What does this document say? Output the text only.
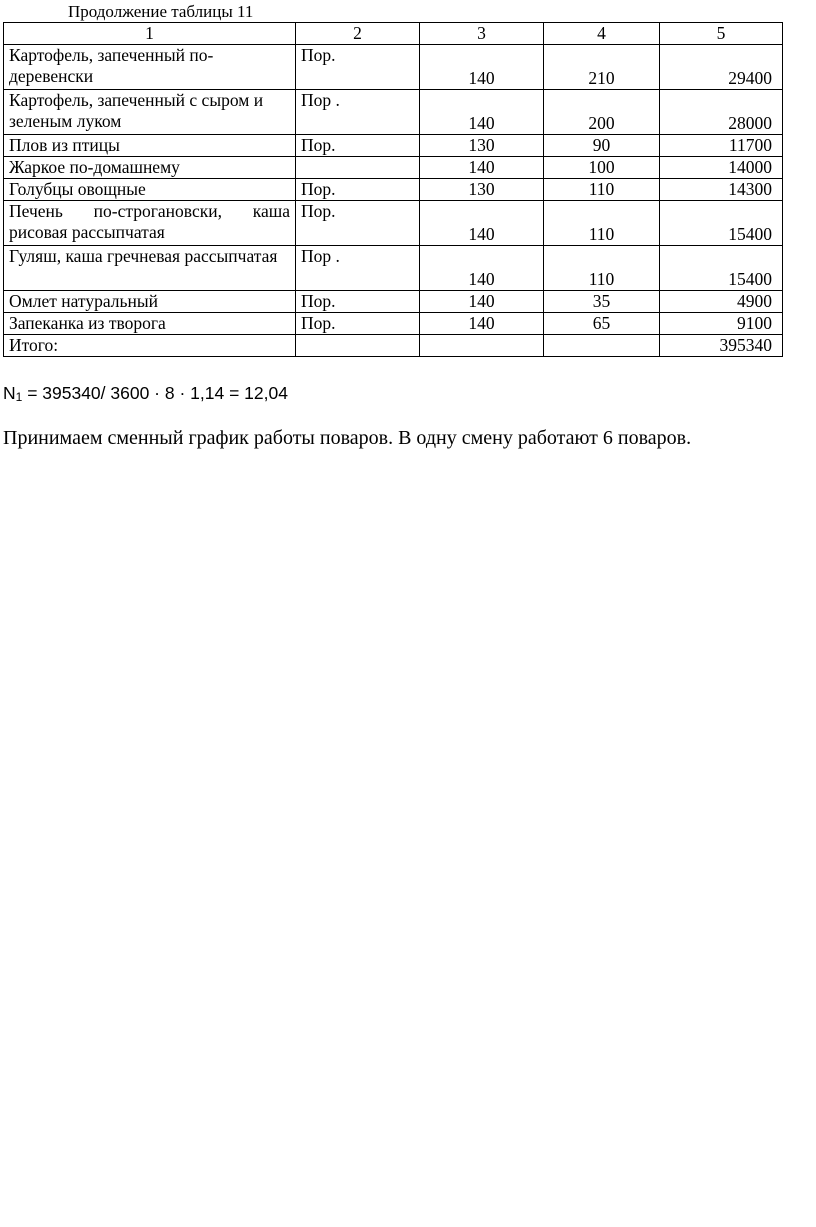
Продолжение таблицы 11
1	2	3	4	5
Картофель, запеченный по-деревенски	Пор.	140	210	29400
Картофель, запеченный с сыром и зеленым луком	Пор .	140	200	28000
Плов из птицы	Пор.	130	90	11700
Жаркое по-домашнему		140	100	14000
Голубцы овощные	Пор.	130	110	14300
Печень по-строгановски, каша рисовая рассыпчатая	Пор.	140	110	15400
Гуляш, каша гречневая рассыпчатая	Пор .	140	110	15400
Омлет натуральный	Пор.	140	35	4900
Запеканка из творога	Пор.	140	65	9100
Итого:				395340
$N_1 = 395340/$ 3600 · 8 · 1,14 = 12,04
Принимаем сменный график работы поваров. В одну смену работают 6 поваров.
